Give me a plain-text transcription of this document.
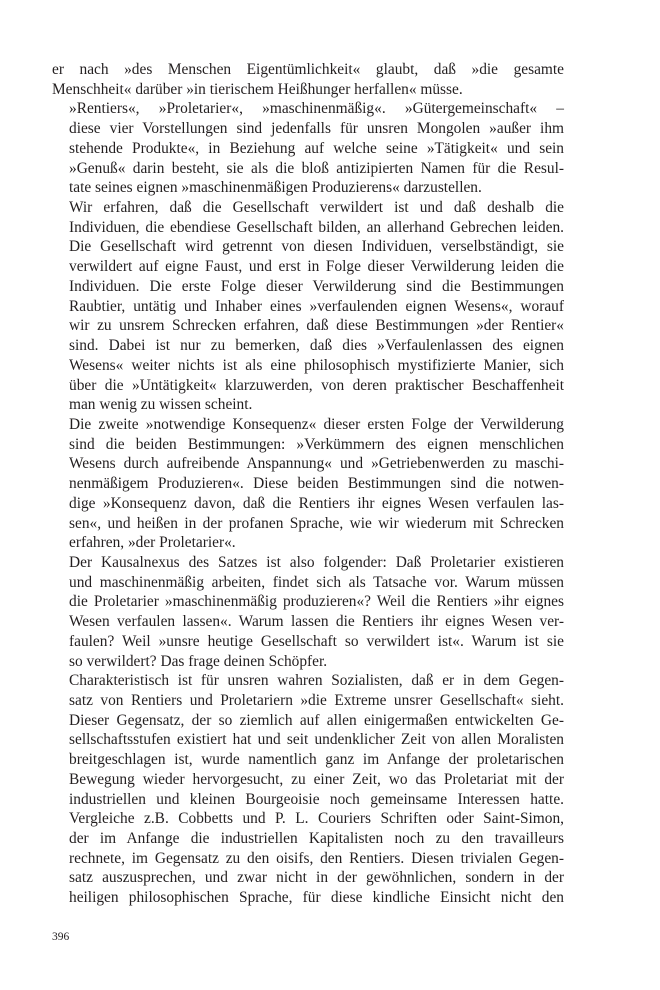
er nach »des Menschen Eigentümlichkeit« glaubt, daß »die gesamte
Menschheit« darüber »in tierischem Heißhunger herfallen« müsse.

»Rentiers«, »Proletarier«, »maschinenmäßig«. »Gütergemeinschaft« –
diese vier Vorstellungen sind jedenfalls für unsren Mongolen »außer ihm
stehende Produkte«, in Beziehung auf welche seine »Tätigkeit« und sein
»Genuß« darin besteht, sie als die bloß antizipierten Namen für die Resul-
tate seines eignen »maschinenmäßigen Produzierens« darzustellen.

Wir erfahren, daß die Gesellschaft verwildert ist und daß deshalb die
Individuen, die ebendiese Gesellschaft bilden, an allerhand Gebrechen leiden.
Die Gesellschaft wird getrennt von diesen Individuen, verselbständigt, sie
verwildert auf eigne Faust, und erst in Folge dieser Verwilderung leiden die
Individuen. Die erste Folge dieser Verwilderung sind die Bestimmungen
Raubtier, untätig und Inhaber eines »verfaulenden eignen Wesens«, worauf
wir zu unsrem Schrecken erfahren, daß diese Bestimmungen »der Rentier«
sind. Dabei ist nur zu bemerken, daß dies »Verfaulenlassen des eignen
Wesens« weiter nichts ist als eine philosophisch mystifizierte Manier, sich
über die »Untätigkeit« klarzuwerden, von deren praktischer Beschaffenheit
man wenig zu wissen scheint.

Die zweite »notwendige Konsequenz« dieser ersten Folge der Verwilderung
sind die beiden Bestimmungen: »Verkümmern des eignen menschlichen
Wesens durch aufreibende Anspannung« und »Getriebenwerden zu maschi-
nenmäßigem Produzieren«. Diese beiden Bestimmungen sind die notwen-
dige »Konsequenz davon, daß die Rentiers ihr eignes Wesen verfaulen las-
sen«, und heißen in der profanen Sprache, wie wir wiederum mit Schrecken
erfahren, »der Proletarier«.

Der Kausalnexus des Satzes ist also folgender: Daß Proletarier existieren
und maschinenmäßig arbeiten, findet sich als Tatsache vor. Warum müssen
die Proletarier »maschinenmäßig produzieren«? Weil die Rentiers »ihr eignes
Wesen verfaulen lassen«. Warum lassen die Rentiers ihr eignes Wesen ver-
faulen? Weil »unsre heutige Gesellschaft so verwildert ist«. Warum ist sie
so verwildert? Das frage deinen Schöpfer.

Charakteristisch ist für unsren wahren Sozialisten, daß er in dem Gegen-
satz von Rentiers und Proletariern »die Extreme unsrer Gesellschaft« sieht.
Dieser Gegensatz, der so ziemlich auf allen einigermaßen entwickelten Ge-
sellschaftsstufen existiert hat und seit undenklicher Zeit von allen Moralisten
breitgeschlagen ist, wurde namentlich ganz im Anfange der proletarischen
Bewegung wieder hervorgesucht, zu einer Zeit, wo das Proletariat mit der
industriellen und kleinen Bourgeoisie noch gemeinsame Interessen hatte.
Vergleiche z.B. Cobbetts und P. L. Couriers Schriften oder Saint-Simon,
der im Anfange die industriellen Kapitalisten noch zu den travailleurs
rechnete, im Gegensatz zu den oisifs, den Rentiers. Diesen trivialen Gegen-
satz auszusprechen, und zwar nicht in der gewöhnlichen, sondern in der
heiligen philosophischen Sprache, für diese kindliche Einsicht nicht den

396
